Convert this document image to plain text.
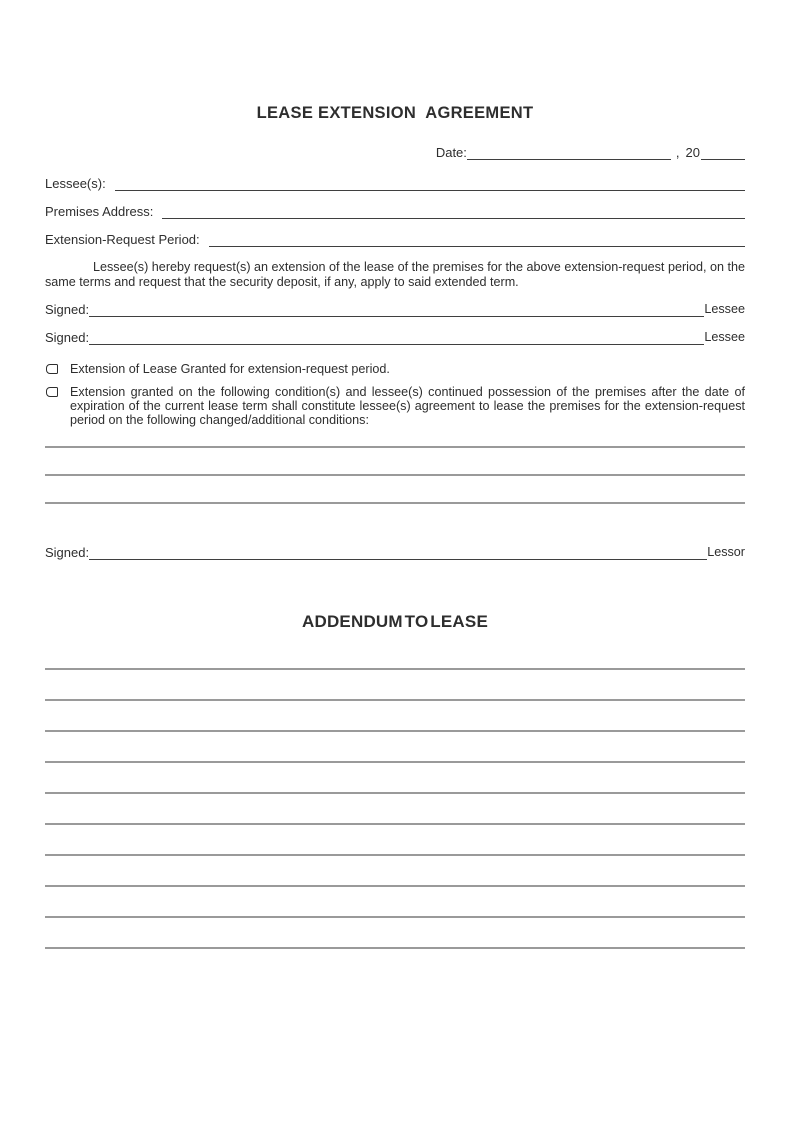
LEASE EXTENSION  AGREEMENT
Date:	, 20
Lessee(s):
Premises Address:
Extension-Request Period:
Lessee(s) hereby request(s) an extension of the lease of the premises for the above extension-request period, on the same terms and request that the security deposit, if any, apply to said extended term.
Signed:	Lessee
Signed:	Lessee
Extension of Lease Granted for extension-request period.
Extension granted on the following condition(s) and lessee(s) continued possession of the premises after the date of expiration of the current lease term shall constitute lessee(s) agreement to lease the premises for the extension-request period on the following changed/additional conditions:
Signed:	Lessor
ADDENDUM TO LEASE
